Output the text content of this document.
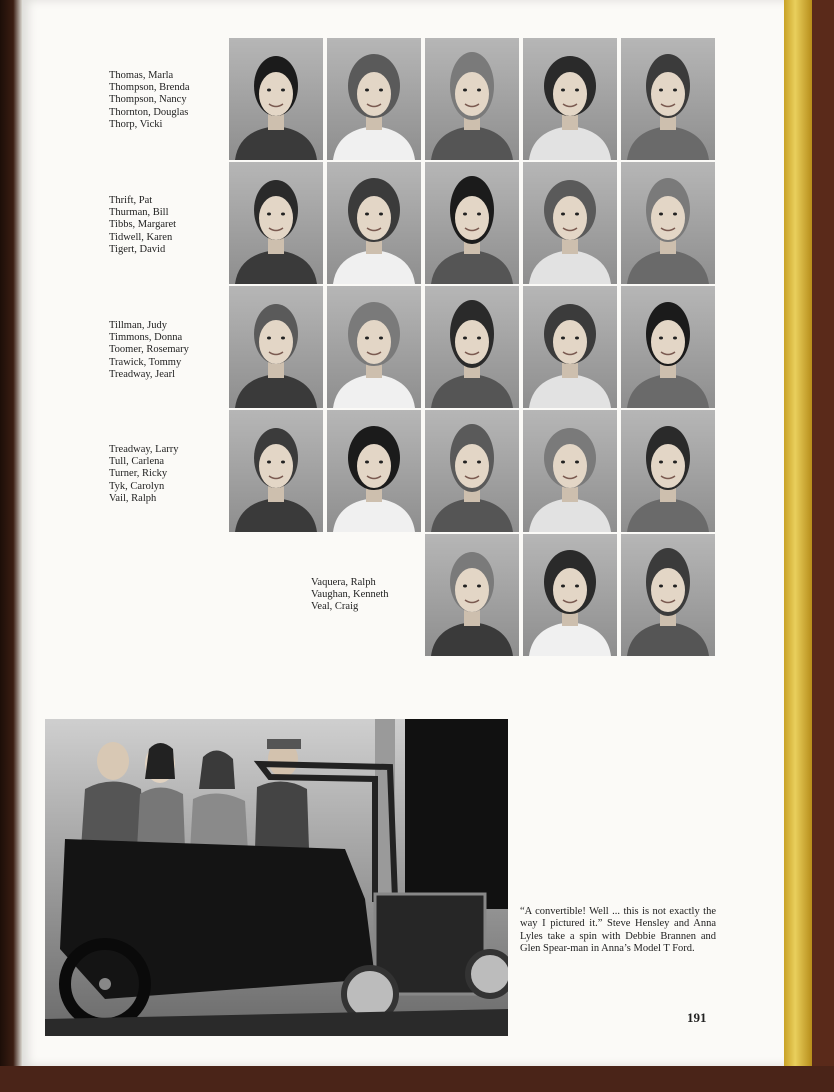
Thomas, Marla
Thompson, Brenda
Thompson, Nancy
Thornton, Douglas
Thorp, Vicki
Thrift, Pat
Thurman, Bill
Tibbs, Margaret
Tidwell, Karen
Tigert, David
Tillman, Judy
Timmons, Donna
Toomer, Rosemary
Trawick, Tommy
Treadway, Jearl
Treadway, Larry
Tull, Carlena
Turner, Ricky
Tyk, Carolyn
Vail, Ralph
Vaquera, Ralph
Vaughan, Kenneth
Veal, Craig
“A convertible! Well ... this is not exactly the way I pictured it.” Steve Hensley and Anna Lyles take a spin with Debbie Brannen and Glen Spear-man in Anna’s Model T Ford.
191
